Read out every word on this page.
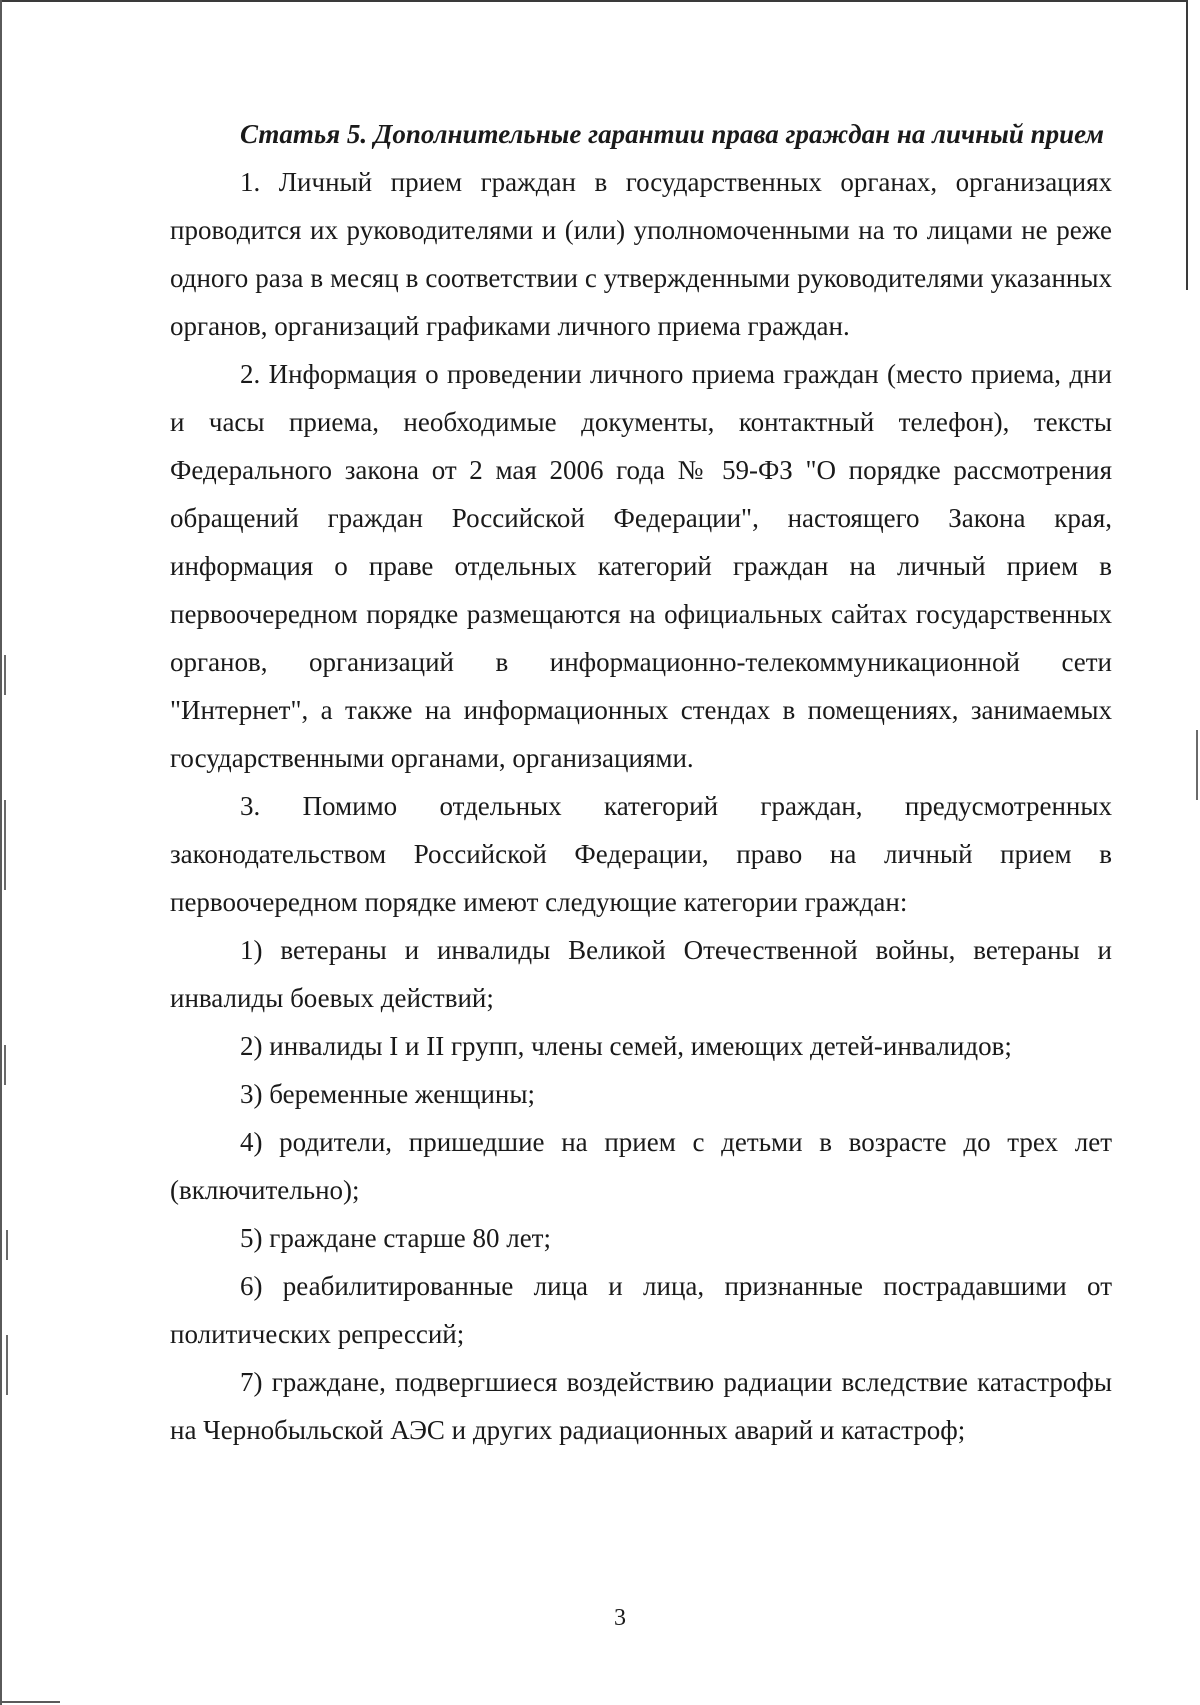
Статья 5. Дополнительные гарантии права граждан на личный прием

1. Личный прием граждан в государственных органах, организациях проводится их руководителями и (или) уполномоченными на то лицами не реже одного раза в месяц в соответствии с утвержденными руководителями указанных органов, организаций графиками личного приема граждан.

2. Информация о проведении личного приема граждан (место приема, дни и часы приема, необходимые документы, контактный телефон), тексты Федерального закона от 2 мая 2006 года № 59-ФЗ "О порядке рассмотрения обращений граждан Российской Федерации", настоящего Закона края, информация о праве отдельных категорий граждан на личный прием в первоочередном порядке размещаются на официальных сайтах государственных органов, организаций в информационно-телекоммуникационной сети "Интернет", а также на информационных стендах в помещениях, занимаемых государственными органами, организациями.

3. Помимо отдельных категорий граждан, предусмотренных законодательством Российской Федерации, право на личный прием в первоочередном порядке имеют следующие категории граждан:

1) ветераны и инвалиды Великой Отечественной войны, ветераны и инвалиды боевых действий;

2) инвалиды I и II групп, члены семей, имеющих детей-инвалидов;

3) беременные женщины;

4) родители, пришедшие на прием с детьми в возрасте до трех лет (включительно);

5) граждане старше 80 лет;

6) реабилитированные лица и лица, признанные пострадавшими от политических репрессий;

7) граждане, подвергшиеся воздействию радиации вследствие катастрофы на Чернобыльской АЭС и других радиационных аварий и катастроф;

3
